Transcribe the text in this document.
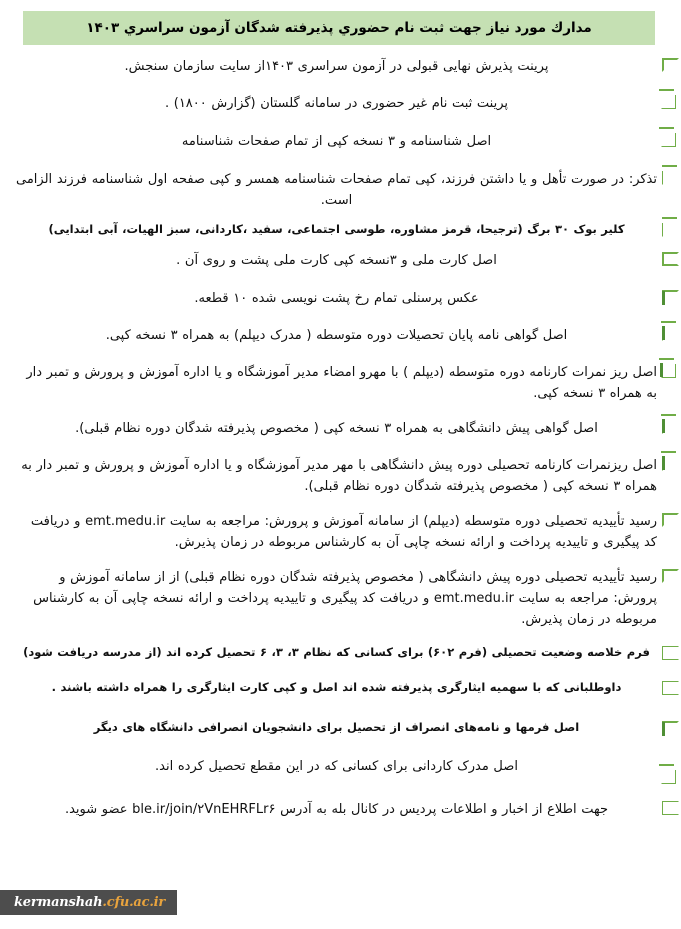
مدارك مورد نياز جهت ثبت نام حضوري پذيرفته شدگان آزمون سراسري ۱۴۰۳
پرینت پذیرش نهایی قبولی در آزمون سراسری ۱۴۰۳از سایت سازمان سنجش.
پرینت ثبت نام غیر حضوری در سامانه گلستان (گزارش ۱۸۰۰) .
اصل شناسنامه و ۳ نسخه کپی از تمام صفحات شناسنامه
تذکر: در صورت تأهل و یا داشتن فرزند، کپی تمام صفحات شناسنامه همسر و کپی صفحه اول شناسنامه فرزند الزامی است.
کلیر بوک ۳۰ برگ (ترجیحا، قرمز مشاوره، طوسی اجتماعی، سفید ،کاردانی، سبز الهیات، آبی ابتدایی)
اصل کارت ملی و ۳نسخه کپی کارت ملی پشت و روی آن .
عکس پرسنلی تمام رخ پشت نویسی شده ۱۰ قطعه.
اصل گواهی نامه پایان تحصیلات دوره متوسطه ( مدرک دیپلم) به همراه ۳ نسخه کپی.
اصل ریز نمرات کارنامه دوره متوسطه (دیپلم ) با مهرو امضاء مدیر آموزشگاه و یا اداره آموزش و پرورش و تمبر دار به همراه ۳ نسخه کپی.
اصل گواهی پیش دانشگاهی به همراه ۳ نسخه کپی ( مخصوص پذیرفته شدگان دوره نظام قبلی).
اصل ریزنمرات کارنامه تحصیلی دوره پیش دانشگاهی با مهر مدیر آموزشگاه و یا اداره آموزش و پرورش و تمبر دار به همراه ۳ نسخه کپی ( مخصوص پذیرفته شدگان دوره نظام قبلی).
رسید تأییدیه تحصیلی دوره متوسطه (دیپلم) از سامانه آموزش و پرورش: مراجعه به سایت emt.medu.ir و دریافت کد پیگیری و تاییدیه پرداخت و ارائه نسخه چاپی آن به کارشناس مربوطه در زمان پذیرش.
رسید تأییدیه تحصیلی دوره پیش دانشگاهی ( مخصوص پذیرفته شدگان دوره نظام قبلی) از از سامانه آموزش و پرورش: مراجعه به سایت emt.medu.ir و دریافت کد پیگیری و تاییدیه پرداخت و ارائه نسخه چاپی آن به کارشناس مربوطه در زمان پذیرش.
فرم خلاصه وضعیت تحصیلی (فرم ۶۰۲) برای کسانی که نظام ۳، ۳، ۶ تحصیل کرده اند (از مدرسه دریافت شود)
داوطلبانی که با سهمیه ایثارگری پذیرفته شده اند اصل و کپی کارت ایثارگری را همراه داشته باشند .
اصل فرمها و نامه‌های انصراف از تحصیل برای دانشجویان انصرافی دانشگاه های دیگر
اصل مدرک کاردانی برای کسانی که در این مقطع تحصیل کرده اند.
جهت اطلاع از اخبار و اطلاعات پردیس در کانال بله به آدرس ble.ir/join/۲VnEHRFLr۶ عضو شوید.
kermanshah .cfu.ac.ir
